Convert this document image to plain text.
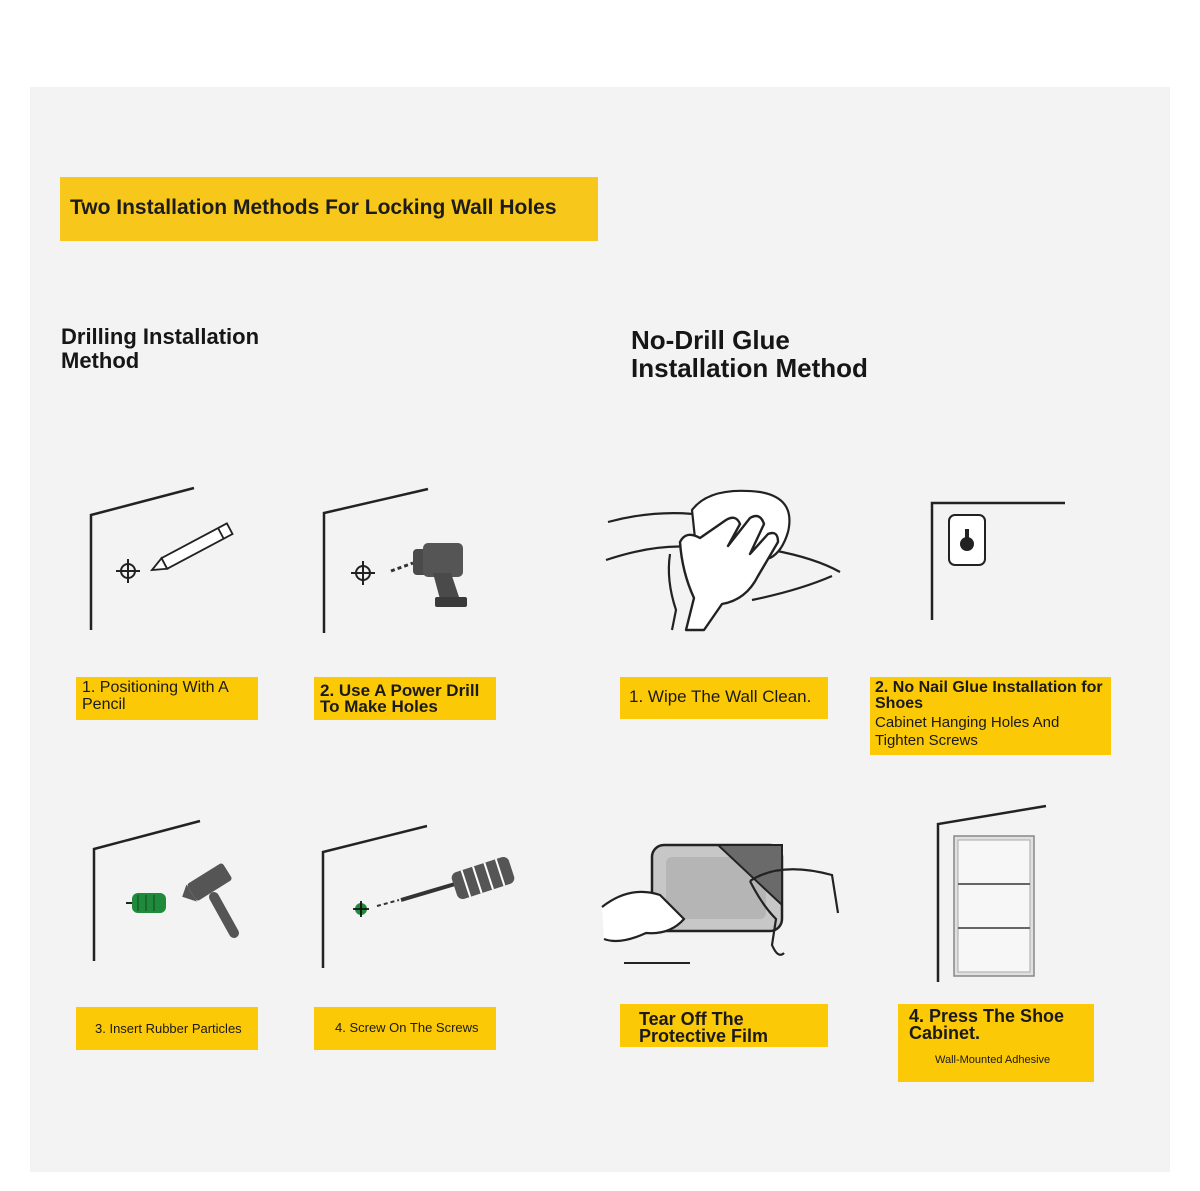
Two Installation Methods For Locking Wall Holes
Drilling Installation Method
No-Drill Glue Installation Method
1. Positioning With A Pencil
2. Use A Power Drill To Make Holes
1. Wipe The Wall Clean.	2. No Nail Glue Installation for Shoes
Cabinet Hanging Holes And Tighten Screws
3. Insert Rubber Particles	4. Screw On The Screws	Tear Off The Protective Film
4. Press The Shoe Cabinet.
Wall-Mounted Adhesive
